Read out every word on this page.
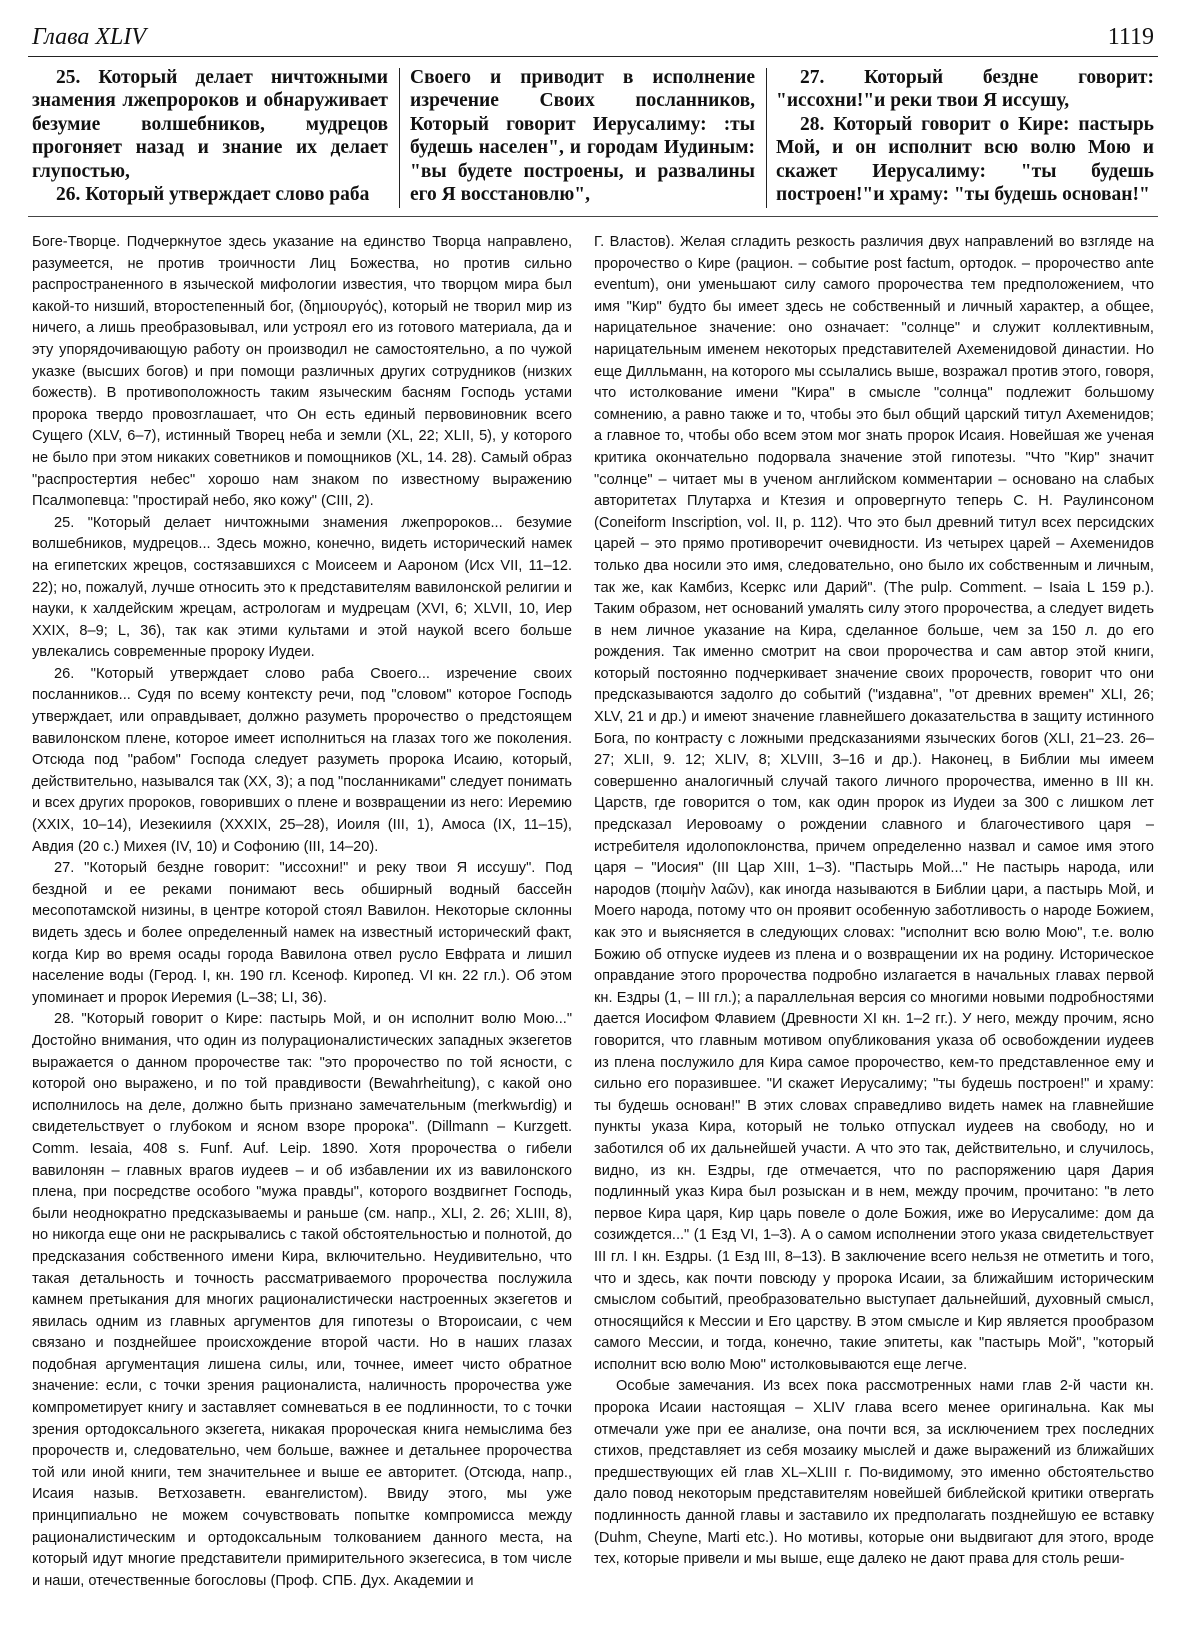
Глава XLIV	1119

25. Который делает ничтожными знамения лжепророков и обнаруживает безумие волшебников, мудрецов прогоняет назад и знание их делает глупостью,

26. Который утверждает слово раба

Своего и приводит в исполнение изречение Своих посланников, Который говорит Иерусалиму: :ты будешь населен", и городам Иудиным: "вы будете построены, и развалины его Я восстановлю",

27. Который бездне говорит: "иссохни!"и реки твои Я иссушу,

28. Который говорит о Кире: пастырь Мой, и он исполнит всю волю Мою и скажет Иерусалиму: "ты будешь построен!"и храму: "ты будешь основан!"

Боге-Творце. Подчеркнутое здесь указание на единство Творца направлено, разумеется, не против троичности Лиц Божества, но против сильно распространенного в языческой мифологии известия, что творцом мира был какой-то низший, второстепенный бог, (δημιουργός), который не творил мир из ничего, а лишь преобразовывал, или устроял его из готового материала, да и эту упорядочивающую работу он производил не самостоятельно, а по чужой указке (высших богов) и при помощи различных других сотрудников (низких божеств). В противоположность таким языческим басням Господь устами пророка твердо провозглашает, что Он есть единый первовиновник всего Сущего (XLV, 6–7), истинный Творец неба и земли (XL, 22; XLII, 5), у которого не было при этом никаких советников и помощников (XL, 14. 28). Самый образ "распростертия небес" хорошо нам знаком по известному выражению Псалмопевца: "простирай небо, яко кожу" (CIII, 2).

25. "Который делает ничтожными знамения лжепророков... безумие волшебников, мудрецов... Здесь можно, конечно, видеть исторический намек на египетских жрецов, состязавшихся с Моисеем и Аароном (Исх VII, 11–12. 22); но, пожалуй, лучше относить это к представителям вавилонской религии и науки, к халдейским жрецам, астрологам и мудрецам (XVI, 6; XLVII, 10, Иер XXIX, 8–9; L, 36), так как этими культами и этой наукой всего больше увлекались современные пророку Иудеи.

26. "Который утверждает слово раба Своего... изречение своих посланников... Судя по всему контексту речи, под "словом" которое Господь утверждает, или оправдывает, должно разуметь пророчество о предстоящем вавилонском плене, которое имеет исполниться на глазах того же поколения. Отсюда под "рабом" Господа следует разуметь пророка Исаию, который, действительно, назывался так (XX, 3); а под "посланниками" следует понимать и всех других пророков, говоривших о плене и возвращении из него: Иеремию (XXIX, 10–14), Иезекииля (XXXIX, 25–28), Иоиля (III, 1), Амоса (IX, 11–15), Авдия (20 с.) Михея (IV, 10) и Софонию (III, 14–20).

27. "Который бездне говорит: "иссохни!" и реку твои Я иссушу". Под бездной и ее реками понимают весь обширный водный бассейн месопотамской низины, в центре которой стоял Вавилон. Некоторые склонны видеть здесь и более определенный намек на известный исторический факт, когда Кир во время осады города Вавилона отвел русло Евфрата и лишил население воды (Герод. I, кн. 190 гл. Ксеноф. Киропед. VI кн. 22 гл.). Об этом упоминает и пророк Иеремия (L–38; LI, 36).

28. "Который говорит о Кире: пастырь Мой, и он исполнит волю Мою..." Достойно внимания, что один из полурационалистических западных экзегетов выражается о данном пророчестве так: "это пророчество по той ясности, с которой оно выражено, и по той правдивости (Bewahrheitung), с какой оно исполнилось на деле, должно быть признано замечательным (merkwьrdig) и свидетельствует о глубоком и ясном взоре пророка". (Dillmann – Kurzgett. Comm. Iesaia, 408 s. Funf. Auf. Leip. 1890. Хотя пророчества о гибели вавилонян – главных врагов иудеев – и об избавлении их из вавилонского плена, при посредстве особого "мужа правды", которого воздвигнет Господь, были неоднократно предсказываемы и раньше (см. напр., XLI, 2. 26; XLIII, 8), но никогда еще они не раскрывались с такой обстоятельностью и полнотой, до предсказания собственного имени Кира, включительно. Неудивительно, что такая детальность и точность рассматриваемого пророчества послужила камнем претыкания для многих рационалистически настроенных экзегетов и явилась одним из главных аргументов для гипотезы о Второисаии, с чем связано и позднейшее происхождение второй части. Но в наших глазах подобная аргументация лишена силы, или, точнее, имеет чисто обратное значение: если, с точки зрения рационалиста, наличность пророчества уже компрометирует книгу и заставляет сомневаться в ее подлинности, то с точки зрения ортодоксального экзегета, никакая пророческая книга немыслима без пророчеств и, следовательно, чем больше, важнее и детальнее пророчества той или иной книги, тем значительнее и выше ее авторитет. (Отсюда, напр., Исаия назыв. Ветхозаветн. евангелистом). Ввиду этого, мы уже принципиально не можем сочувствовать попытке компромисса между рационалистическим и ортодоксальным толкованием данного места, на который идут многие представители примирительного экзегесиса, в том числе и наши, отечественные богословы (Проф. СПБ. Дух. Академии и

Г. Властов). Желая сгладить резкость различия двух направлений во взгляде на пророчество о Кире (рацион. – событие post factum, ортодок. – пророчество ante eventum), они уменьшают силу самого пророчества тем предположением, что имя "Кир" будто бы имеет здесь не собственный и личный характер, а общее, нарицательное значение: оно означает: "солнце" и служит коллективным, нарицательным именем некоторых представителей Ахеменидовой династии. Но еще Дилльманн, на которого мы ссылались выше, возражал против этого, говоря, что истолкование имени "Кира" в смысле "солнца" подлежит большому сомнению, а равно также и то, чтобы это был общий царский титул Ахеменидов; а главное то, чтобы обо всем этом мог знать пророк Исаия. Новейшая же ученая критика окончательно подорвала значение этой гипотезы. "Что "Кир" значит "солнце" – читает мы в ученом английском комментарии – основано на слабых авторитетах Плутарха и Ктезия и опровергнуто теперь С. Н. Раулинсоном (Coneiform Inscription, vol. II, p. 112). Что это был древний титул всех персидских царей – это прямо противоречит очевидности. Из четырех царей – Ахеменидов только два носили это имя, следовательно, оно было их собственным и личным, так же, как Камбиз, Ксеркс или Дарий". (The pulp. Comment. – Isaia L 159 p.). Таким образом, нет оснований умалять силу этого пророчества, а следует видеть в нем личное указание на Кира, сделанное больше, чем за 150 л. до его рождения. Так именно смотрит на свои пророчества и сам автор этой книги, который постоянно подчеркивает значение своих пророчеств, говорит что они предсказываются задолго до событий ("издавна", "от древних времен" XLI, 26; XLV, 21 и др.) и имеют значение главнейшего доказательства в защиту истинного Бога, по контрасту с ложными предсказаниями языческих богов (XLI, 21–23. 26–27; XLII, 9. 12; XLIV, 8; XLVIII, 3–16 и др.). Наконец, в Библии мы имеем совершенно аналогичный случай такого личного пророчества, именно в III кн. Царств, где говорится о том, как один пророк из Иудеи за 300 с лишком лет предсказал Иеровоаму о рождении славного и благочестивого царя – истребителя идолопоклонства, причем определенно назвал и самое имя этого царя – "Иосия" (III Цар XIII, 1–3). "Пастырь Мой..." Не пастырь народа, или народов (ποιμὴν λαῶν), как иногда называются в Библии цари, а пастырь Мой, и Моего народа, потому что он проявит особенную заботливость о народе Божием, как это и выясняется в следующих словах: "исполнит всю волю Мою", т.е. волю Божию об отпуске иудеев из плена и о возвращении их на родину. Историческое оправдание этого пророчества подробно излагается в начальных главах первой кн. Ездры (1, – III гл.); а параллельная версия со многими новыми подробностями дается Иосифом Флавием (Древности XI кн. 1–2 гг.). У него, между прочим, ясно говорится, что главным мотивом опубликования указа об освобождении иудеев из плена послужило для Кира самое пророчество, кем-то представленное ему и сильно его поразившее. "И скажет Иерусалиму; "ты будешь построен!" и храму: ты будешь основан!" В этих словах справедливо видеть намек на главнейшие пункты указа Кира, который не только отпускал иудеев на свободу, но и заботился об их дальнейшей участи. А что это так, действительно, и случилось, видно, из кн. Ездры, где отмечается, что по распоряжению царя Дария подлинный указ Кира был розыскан и в нем, между прочим, прочитано: "в лето первое Кира царя, Кир царь повеле о доле Божия, иже во Иерусалиме: дом да созиждется..." (1 Езд VI, 1–3). А о самом исполнении этого указа свидетельствует III гл. I кн. Ездры. (1 Езд III, 8–13). В заключение всего нельзя не отметить и того, что и здесь, как почти повсюду у пророка Исаии, за ближайшим историческим смыслом событий, преобразовательно выступает дальнейший, духовный смысл, относящийся к Мессии и Его царству. В этом смысле и Кир является прообразом самого Мессии, и тогда, конечно, такие эпитеты, как "пастырь Мой", "который исполнит всю волю Мою" истолковываются еще легче.

Особые замечания. Из всех пока рассмотренных нами глав 2-й части кн. пророка Исаии настоящая – XLIV глава всего менее оригинальна. Как мы отмечали уже при ее анализе, она почти вся, за исключением трех последних стихов, представляет из себя мозаику мыслей и даже выражений из ближайших предшествующих ей глав XL–XLIII г. По-видимому, это именно обстоятельство дало повод некоторым представителям новейшей библейской критики отвергать подлинность данной главы и заставило их предполагать позднейшую ее вставку (Duhm, Cheyne, Marti etc.). Но мотивы, которые они выдвигают для этого, вроде тех, которые привели и мы выше, еще далеко не дают права для столь реши-
